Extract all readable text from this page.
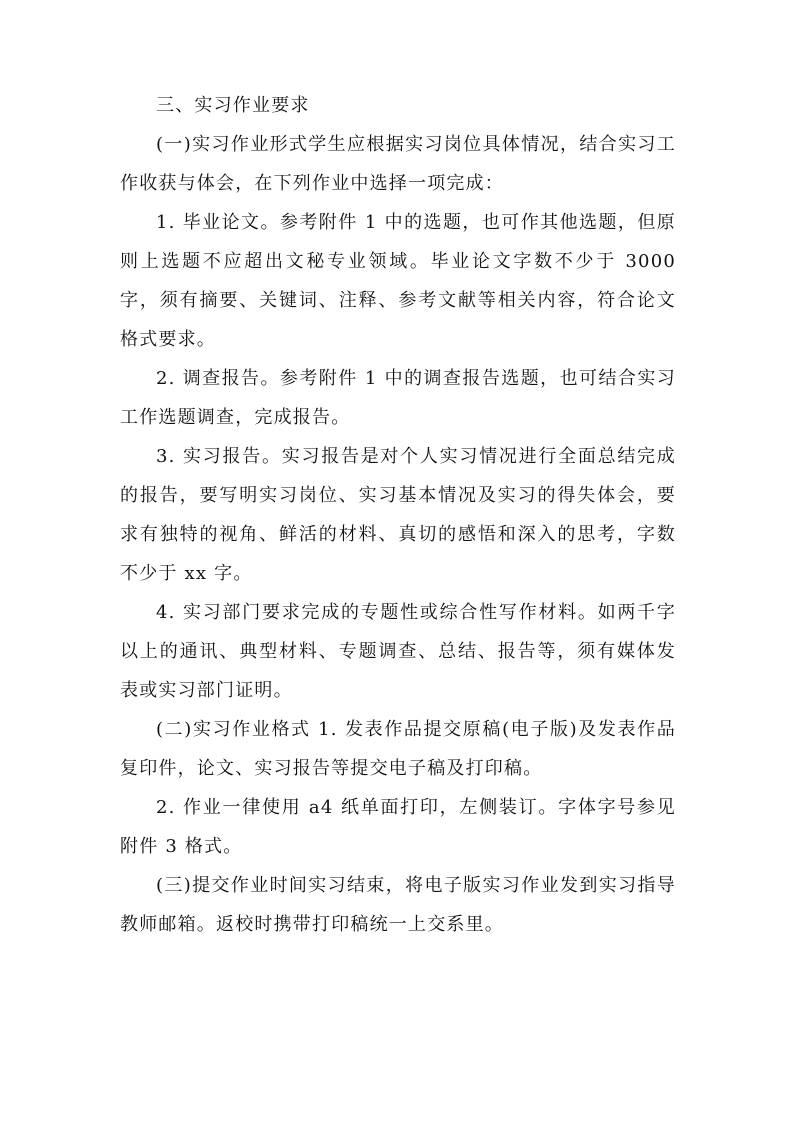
三、实习作业要求

(一)实习作业形式学生应根据实习岗位具体情况，结合实习工作收获与体会，在下列作业中选择一项完成：

1. 毕业论文。参考附件 1 中的选题，也可作其他选题，但原则上选题不应超出文秘专业领域。毕业论文字数不少于 3000 字，须有摘要、关键词、注释、参考文献等相关内容，符合论文格式要求。

2. 调查报告。参考附件 1 中的调查报告选题，也可结合实习工作选题调查，完成报告。

3. 实习报告。实习报告是对个人实习情况进行全面总结完成的报告，要写明实习岗位、实习基本情况及实习的得失体会，要求有独特的视角、鲜活的材料、真切的感悟和深入的思考，字数不少于 xx 字。

4. 实习部门要求完成的专题性或综合性写作材料。如两千字以上的通讯、典型材料、专题调查、总结、报告等，须有媒体发表或实习部门证明。

(二)实习作业格式 1. 发表作品提交原稿(电子版)及发表作品复印件，论文、实习报告等提交电子稿及打印稿。

2. 作业一律使用 a4 纸单面打印，左侧装订。字体字号参见附件 3 格式。

(三)提交作业时间实习结束，将电子版实习作业发到实习指导教师邮箱。返校时携带打印稿统一上交系里。
